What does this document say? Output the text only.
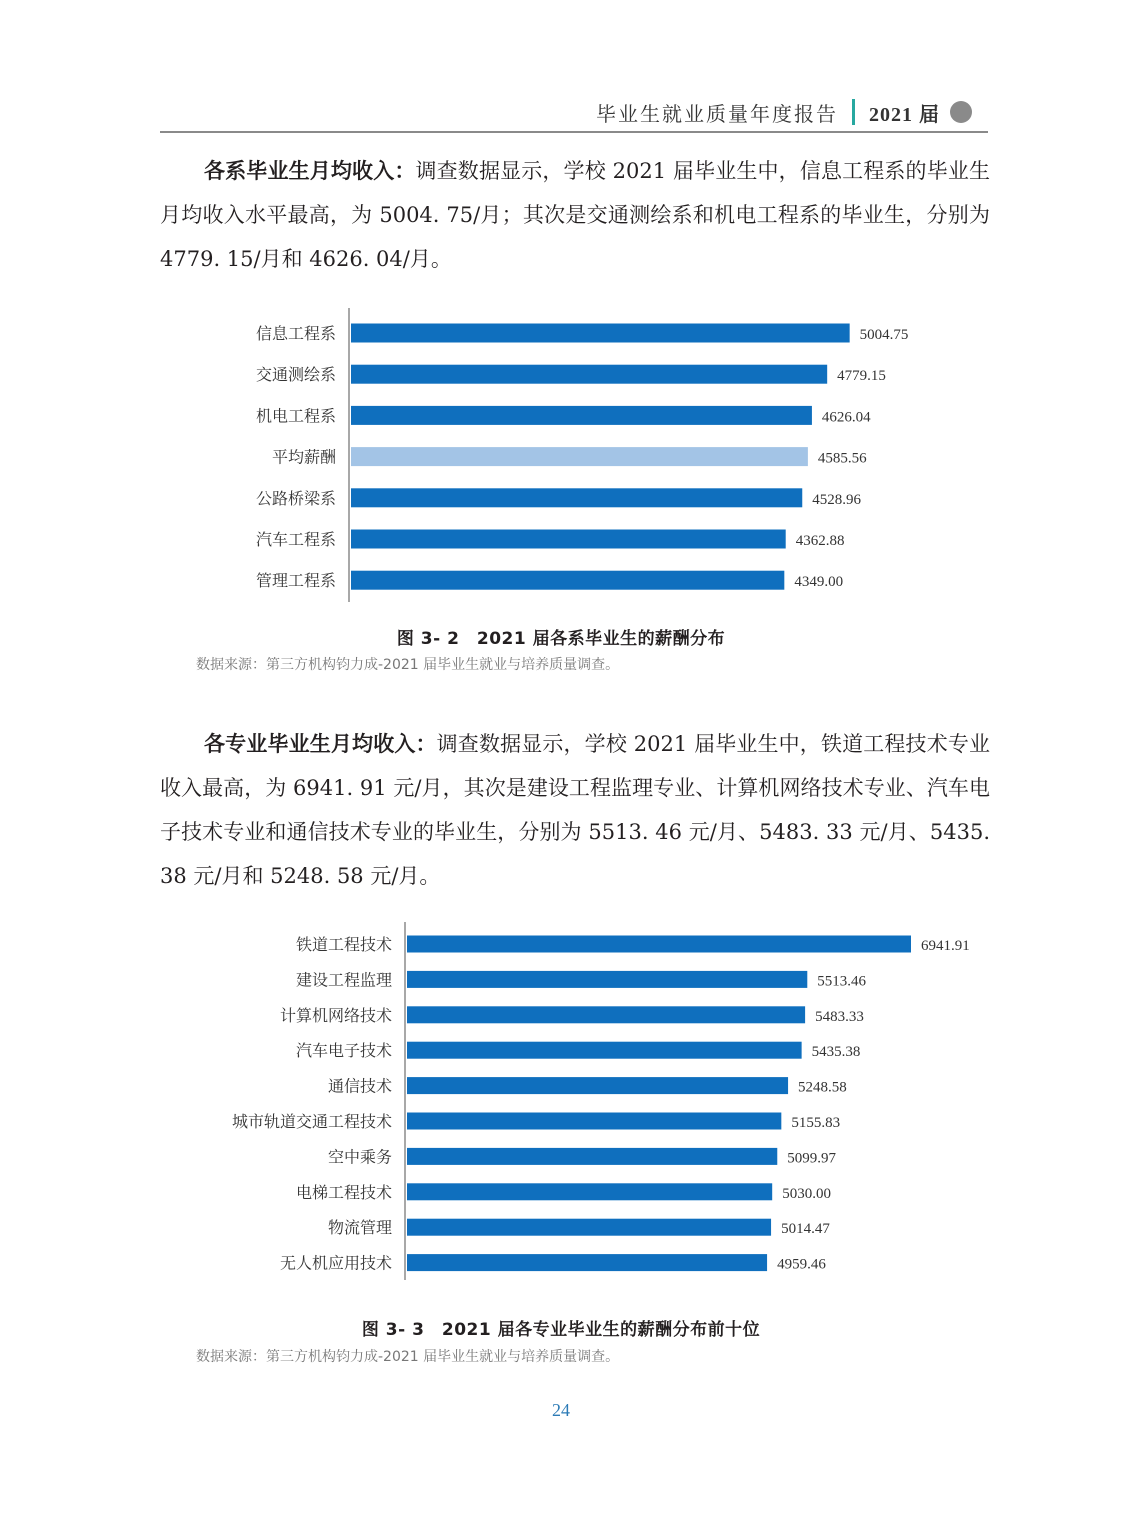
毕业生就业质量年度报告 2021 届

各系毕业生月均收入：调查数据显示，学校 2021 届毕业生中，信息工程系的毕业生月均收入水平最高，为 5004. 75/月；其次是交通测绘系和机电工程系的毕业生，分别为 4779. 15/月和 4626. 04/月。

信息工程系	5004.75
交通测绘系	4779.15
机电工程系	4626.04
平均薪酬	4585.56
公路桥梁系	4528.96
汽车工程系	4362.88
管理工程系	4349.00
图 3- 2　2021 届各系毕业生的薪酬分布
数据来源：第三方机构钧力成-2021 届毕业生就业与培养质量调查。

各专业毕业生月均收入：调查数据显示，学校 2021 届毕业生中，铁道工程技术专业收入最高，为 6941. 91 元/月，其次是建设工程监理专业、计算机网络技术专业、汽车电子技术专业和通信技术专业的毕业生，分别为 5513. 46 元/月、5483. 33 元/月、5435. 38 元/月和 5248. 58 元/月。

铁道工程技术	6941.91
建设工程监理	5513.46
计算机网络技术	5483.33
汽车电子技术	5435.38
通信技术	5248.58
城市轨道交通工程技术	5155.83
空中乘务	5099.97
电梯工程技术	5030.00
物流管理	5014.47
无人机应用技术	4959.46
图 3- 3　2021 届各专业毕业生的薪酬分布前十位
数据来源：第三方机构钧力成-2021 届毕业生就业与培养质量调查。
24
